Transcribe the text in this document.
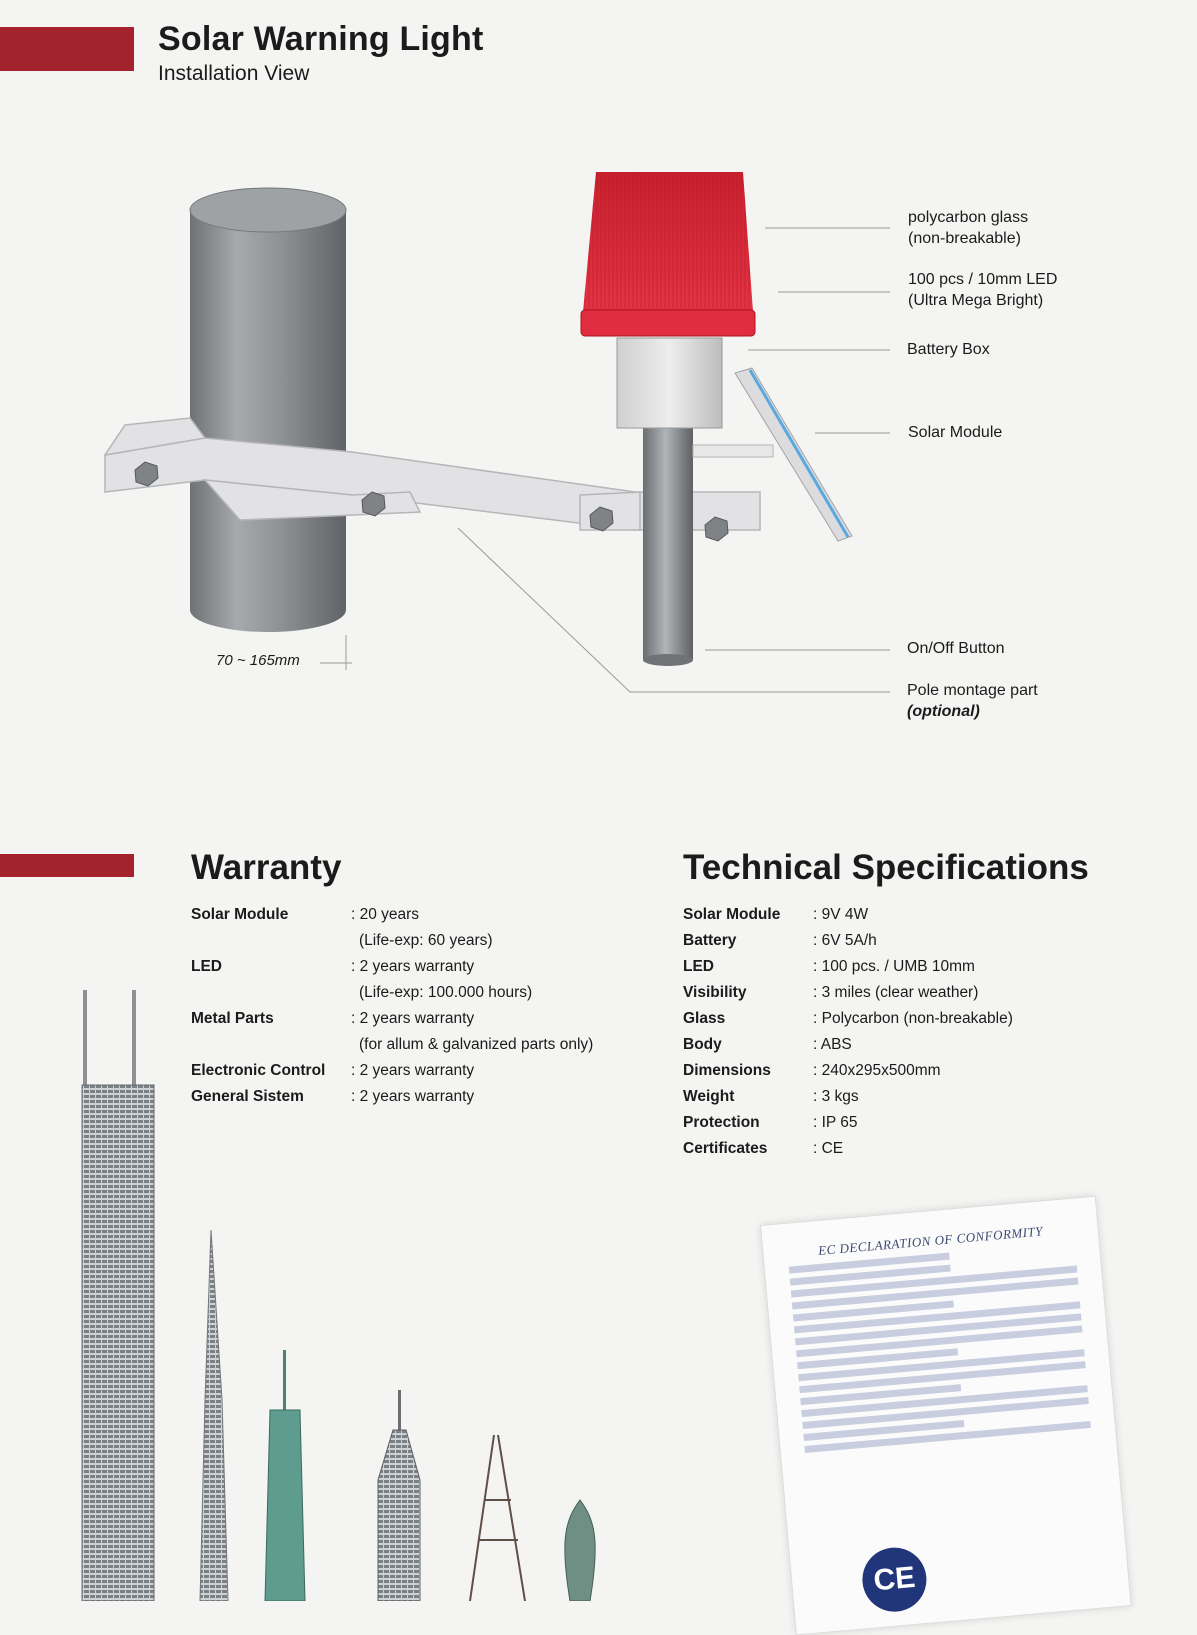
Solar Warning Light
Installation View
polycarbon glass
(non-breakable)
100 pcs / 10mm LED
(Ultra Mega Bright)
Battery Box
Solar Module
On/Off Button
Pole montage part
(optional)
70 ~ 165mm
Warranty
Solar Module	: 20 years
(Life-exp: 60 years)
LED	: 2 years warranty
(Life-exp: 100.000 hours)
Metal Parts	: 2 years warranty
(for allum & galvanized parts only)
Electronic Control : 2 years warranty
General Sistem	: 2 years warranty
Technical Specifications
Solar Module : 9V 4W
Battery	: 6V 5A/h
LED	: 100 pcs. / UMB 10mm
Visibility	: 3 miles (clear weather)
Glass	: Polycarbon (non-breakable)
Body	: ABS
Dimensions	: 240x295x500mm
Weight	: 3 kgs
Protection	: IP 65
Certificates	: CE
EC DECLARATION OF CONFORMITY
CE
